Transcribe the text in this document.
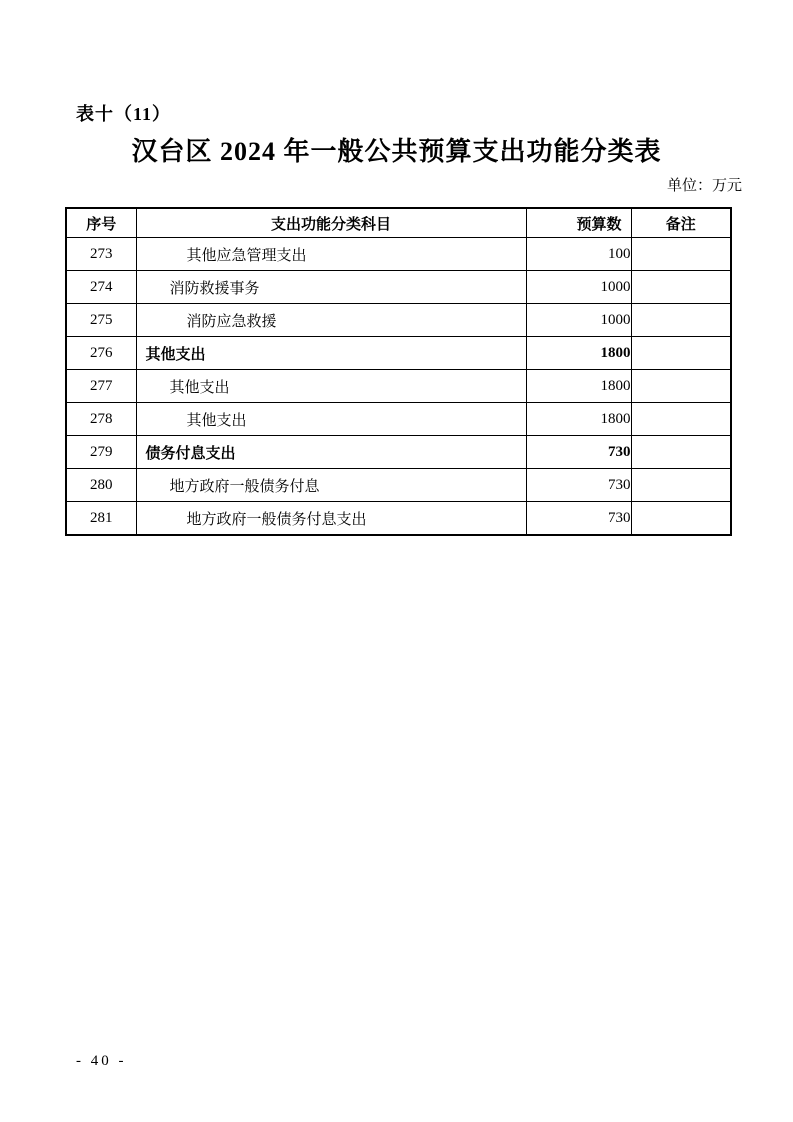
表十（11）
汉台区 2024 年一般公共预算支出功能分类表
单位：万元
序号	支出功能分类科目	预算数	备注
273	其他应急管理支出	100	
274	消防救援事务	1000	
275	消防应急救援	1000	
276	其他支出	1800	
277	其他支出	1800	
278	其他支出	1800	
279	债务付息支出	730	
280	地方政府一般债务付息	730	
281	地方政府一般债务付息支出	730	
- 40 -
